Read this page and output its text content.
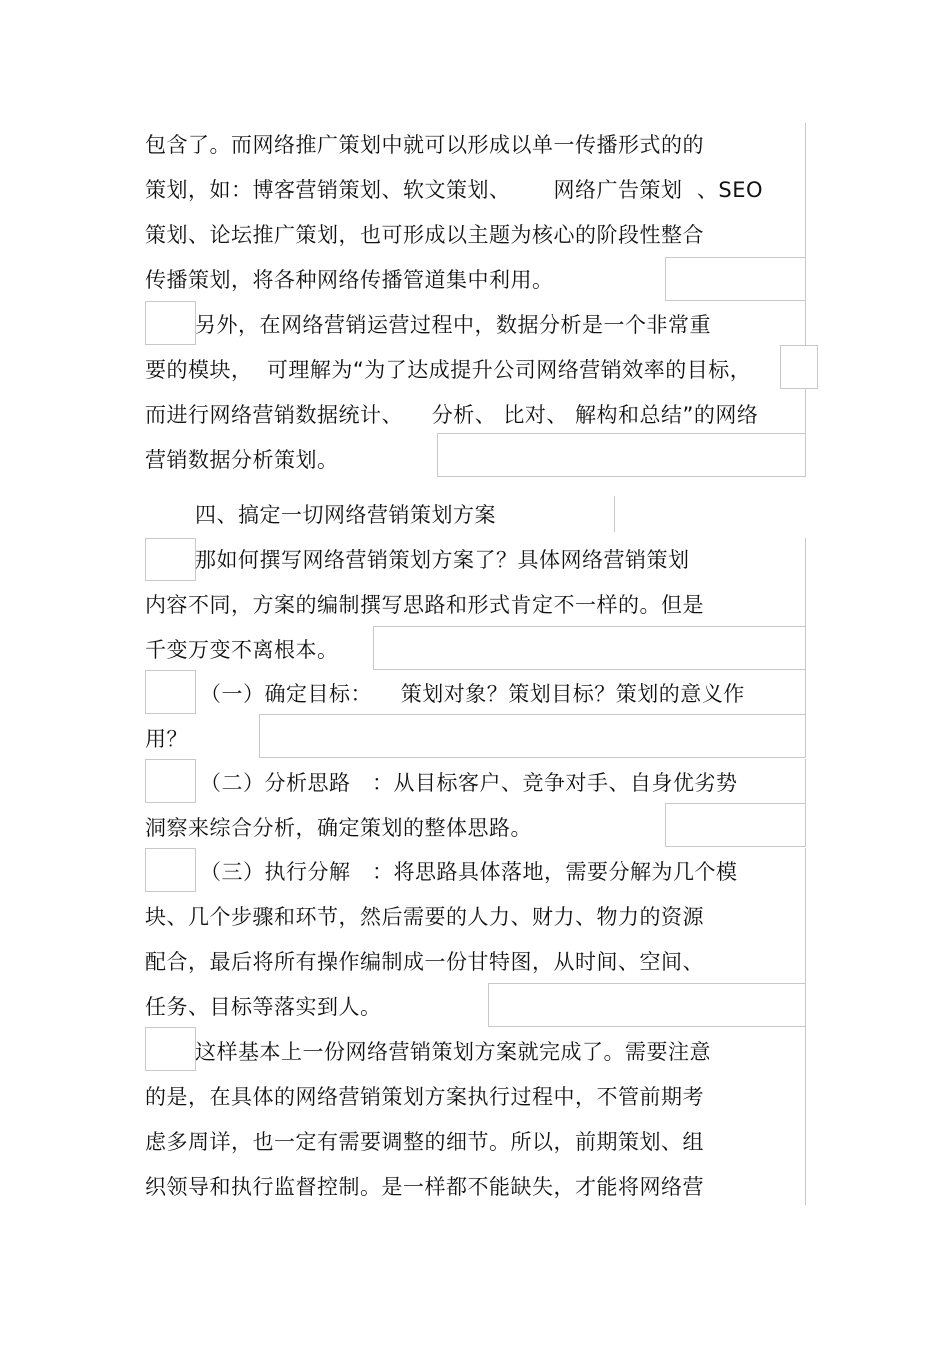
包含了。而网络推广策划中就可以形成以单一传播形式的的
策划，如：博客营销策划、软文策划、      网络广告策划  、SEO
策划、论坛推广策划，也可形成以主题为核心的阶段性整合
传播策划，将各种网络传播管道集中利用。
另外，在网络营销运营过程中，数据分析是一个非常重
要的模块，  可理解为“为了达成提升公司网络营销效率的目标，
而进行网络营销数据统计、    分析、 比对、 解构和总结”的网络
营销数据分析策划。
四、搞定一切网络营销策划方案
那如何撰写网络营销策划方案了？具体网络营销策划
内容不同，方案的编制撰写思路和形式肯定不一样的。但是
千变万变不离根本。
（一）确定目标：    策划对象？策划目标？策划的意义作
用？
（二）分析思路   ：从目标客户、竞争对手、自身优劣势
洞察来综合分析，确定策划的整体思路。
（三）执行分解   ：将思路具体落地，需要分解为几个模
块、几个步骤和环节，然后需要的人力、财力、物力的资源
配合，最后将所有操作编制成一份甘特图，从时间、空间、
任务、目标等落实到人。
这样基本上一份网络营销策划方案就完成了。需要注意
的是，在具体的网络营销策划方案执行过程中，不管前期考
虑多周详，也一定有需要调整的细节。所以，前期策划、组
织领导和执行监督控制。是一样都不能缺失，才能将网络营
